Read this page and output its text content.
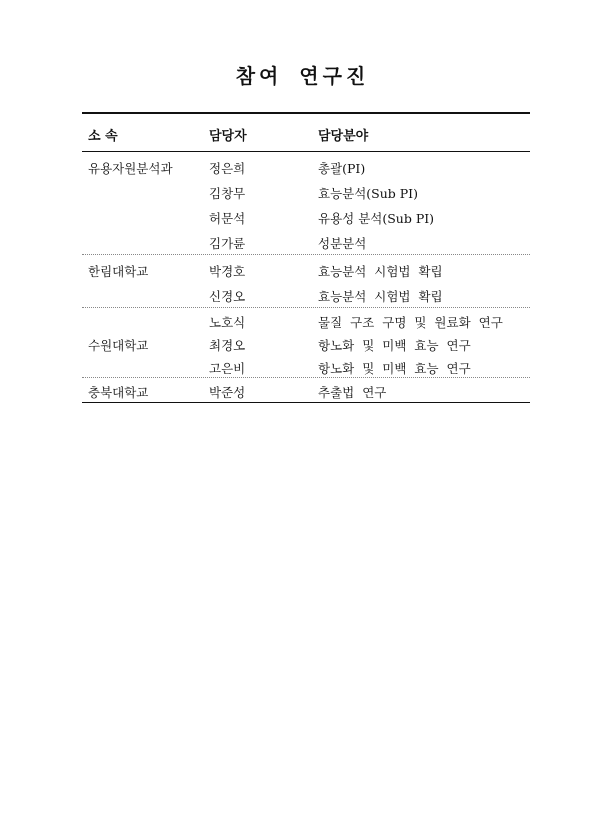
참여 연구진
소 속	담당자	담당분야
유용자원분석과	정은희	총괄(PI)
김창무	효능분석(Sub PI)
허문석	유용성 분석(Sub PI)
김가륜	성분분석
한림대학교	박경호	효능분석 시험법 확립
신경오	효능분석 시험법 확립
수원대학교
노호식	물질 구조 구명 및 원료화 연구
최경오	항노화 및 미백 효능 연구
고은비	항노화 및 미백 효능 연구
충북대학교	박준성	추출법 연구
